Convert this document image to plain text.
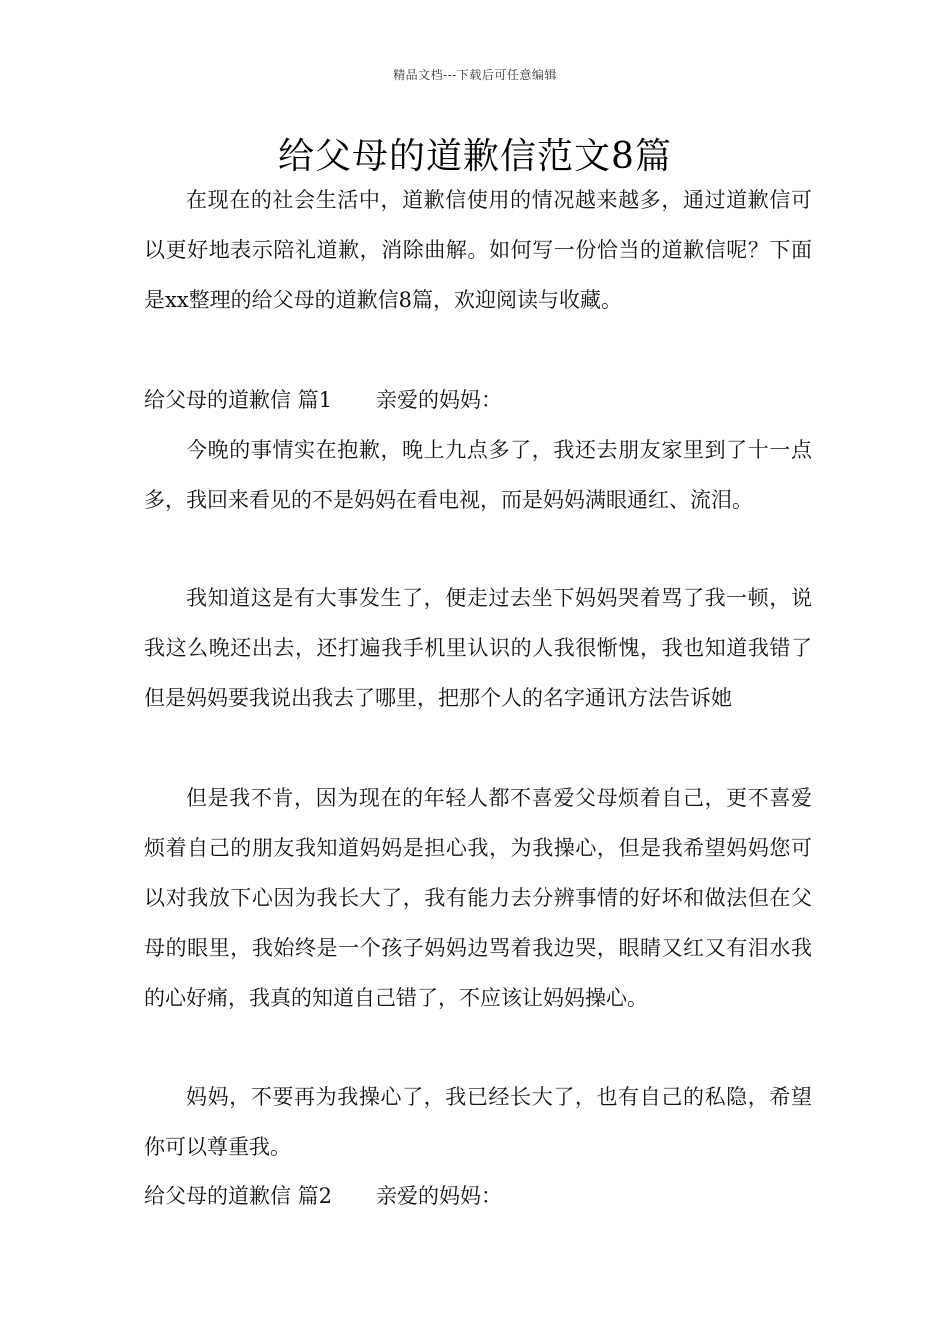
精品文档---下载后可任意编辑
给父母的道歉信范文8篇

在现在的社会生活中，道歉信使用的情况越来越多，通过道歉信可以更好地表示陪礼道歉，消除曲解。如何写一份恰当的道歉信呢？下面是xx整理的给父母的道歉信8篇，欢迎阅读与收藏。

给父母的道歉信 篇1 亲爱的妈妈：

今晚的事情实在抱歉，晚上九点多了，我还去朋友家里到了十一点多，我回来看见的不是妈妈在看电视，而是妈妈满眼通红、流泪。

我知道这是有大事发生了，便走过去坐下妈妈哭着骂了我一顿，说我这么晚还出去，还打遍我手机里认识的人我很惭愧，我也知道我错了但是妈妈要我说出我去了哪里，把那个人的名字通讯方法告诉她

但是我不肯，因为现在的年轻人都不喜爱父母烦着自己，更不喜爱烦着自己的朋友我知道妈妈是担心我，为我操心，但是我希望妈妈您可以对我放下心因为我长大了，我有能力去分辨事情的好坏和做法但在父母的眼里，我始终是一个孩子妈妈边骂着我边哭，眼睛又红又有泪水我的心好痛，我真的知道自己错了，不应该让妈妈操心。

妈妈，不要再为我操心了，我已经长大了，也有自己的私隐，希望你可以尊重我。

给父母的道歉信 篇2 亲爱的妈妈：
